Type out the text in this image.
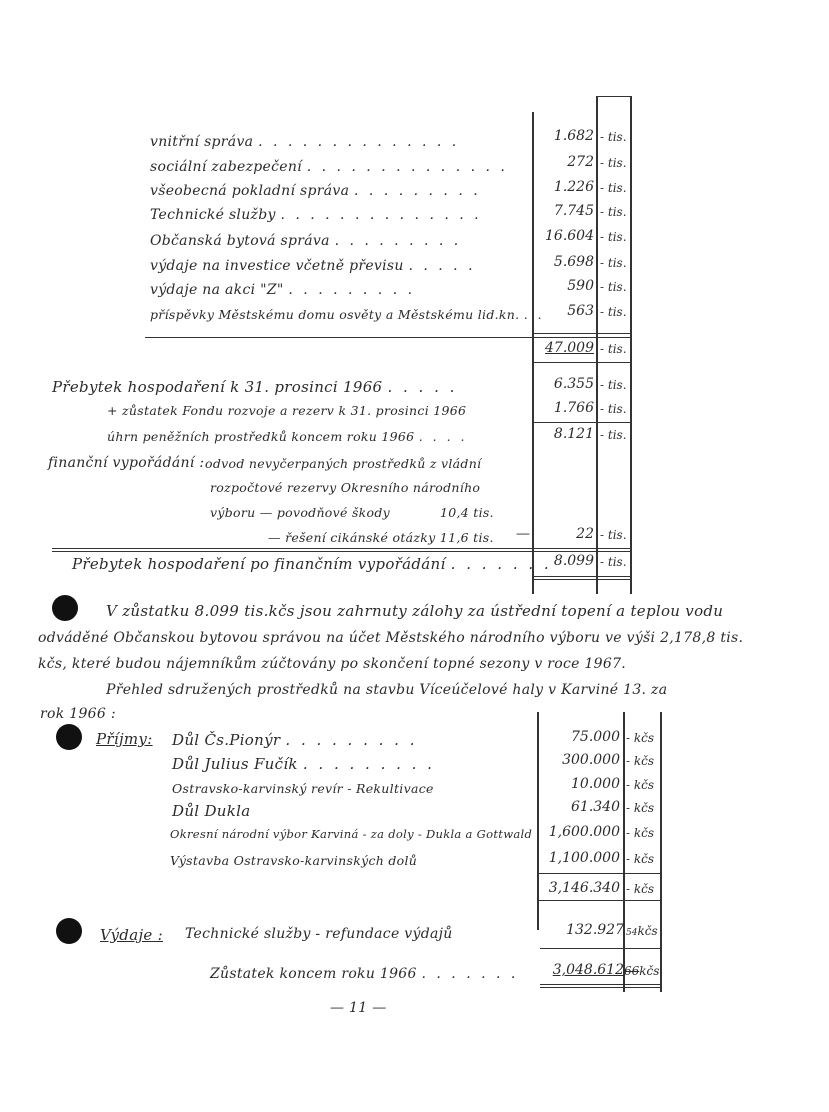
vnitřní správa . . . . . . . . . . . . . .	1.682 - tis.
sociální zabezpečení . . . . . . . . . . . . . .	272 - tis.
všeobecná pokladní správa . . . . . . . . .	1.226 - tis.
Technické služby . . . . . . . . . . . . . .	7.745 - tis.
Občanská bytová správa . . . . . . . . .	16.604 - tis.
výdaje na investice včetně převisu . . . . .	5.698 - tis.
výdaje na akci "Z" . . . . . . . . .	590 - tis.
příspěvky Městskému domu osvěty a Městskému lid.kn. . .	563 - tis.
47.009 - tis.
Přebytek hospodaření k 31. prosinci 1966 . . . . .	6.355 - tis.
+ zůstatek Fondu rozvoje a rezerv k 31. prosinci 1966	1.766 - tis.
úhrn peněžních prostředků koncem roku 1966 . . . .	8.121 - tis.
finanční vypořádání : odvod nevyčerpaných prostředků z vládní
rozpočtové rezervy Okresního národního
výboru — povodňové škody	10,4 tis.
— řešení cikánské otázky 11,6 tis. —	22 - tis.
Přebytek hospodaření po finančním vypořádání . . . . . . . 8.099 - tis.
V zůstatku 8.099 tis.kčs jsou zahrnuty zálohy za ústřední topení a teplou vodu
odváděné Občanskou bytovou správou na účet Městského národního výboru ve výši 2,178,8 tis.
kčs, které budou nájemníkům zúčtovány po skončení topné sezony v roce 1967.
Přehled sdružených prostředků na stavbu Víceúčelové haly v Karviné 13. za
rok 1966 :
Příjmy: Důl Čs.Pionýr . . . . . . . . .	75.000 - kčs
Důl Julius Fučík . . . . . . . . .	300.000 - kčs
Ostravsko-karvinský revír - Rekultivace	10.000 - kčs
Důl Dukla	61.340 - kčs
Okresní národní výbor Karviná - za doly - Dukla a Gottwald	1,600.000 - kčs
Výstavba Ostravsko-karvinských dolů	1,100.000 - kčs
3,146.340 - kčs
Výdaje : Technické služby - refundace výdajů	132.927 54kčs
Zůstatek koncem roku 1966 . . . . . . .	3,048.612 66kčs
— 11 —
